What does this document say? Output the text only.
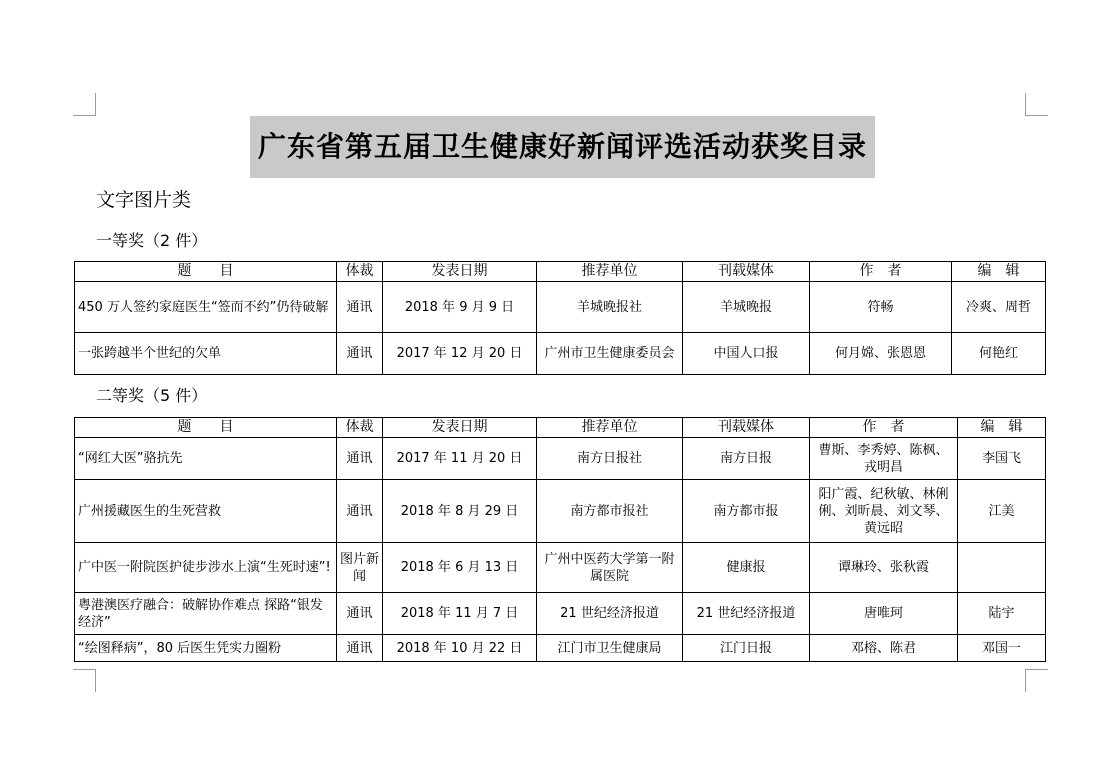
广东省第五届卫生健康好新闻评选活动获奖目录
文字图片类
一等奖（2 件）
题　　目	体裁	发表日期	推荐单位	刊载媒体	作　者	编　辑
450 万人签约家庭医生“签而不约”仍待破解	通讯	2018 年 9 月 9 日	羊城晚报社	羊城晚报	符畅	冷爽、周哲
一张跨越半个世纪的欠单	通讯	2017 年 12 月 20 日	广州市卫生健康委员会	中国人口报	何月嫦、张恩恩	何艳红
二等奖（5 件）
题　　目	体裁	发表日期	推荐单位	刊载媒体	作　者	编　辑
“网红大医”骆抗先	通讯	2017 年 11 月 20 日	南方日报社	南方日报	曹斯、李秀婷、陈枫、戎明昌	李国飞
广州援藏医生的生死营救	通讯	2018 年 8 月 29 日	南方都市报社	南方都市报	阳广霞、纪秋敏、林俐俐、刘昕晨、刘文琴、黄远昭	江美
广中医一附院医护徒步涉水上演“生死时速”!	图片新闻	2018 年 6 月 13 日	广州中医药大学第一附属医院	健康报	谭琳玲、张秋霞	
粤港澳医疗融合：破解协作难点 探路“银发经济”	通讯	2018 年 11 月 7 日	21 世纪经济报道	21 世纪经济报道	唐唯珂	陆宇
“绘图释病”，80 后医生凭实力圈粉	通讯	2018 年 10 月 22 日	江门市卫生健康局	江门日报	邓榕、陈君	邓国一
